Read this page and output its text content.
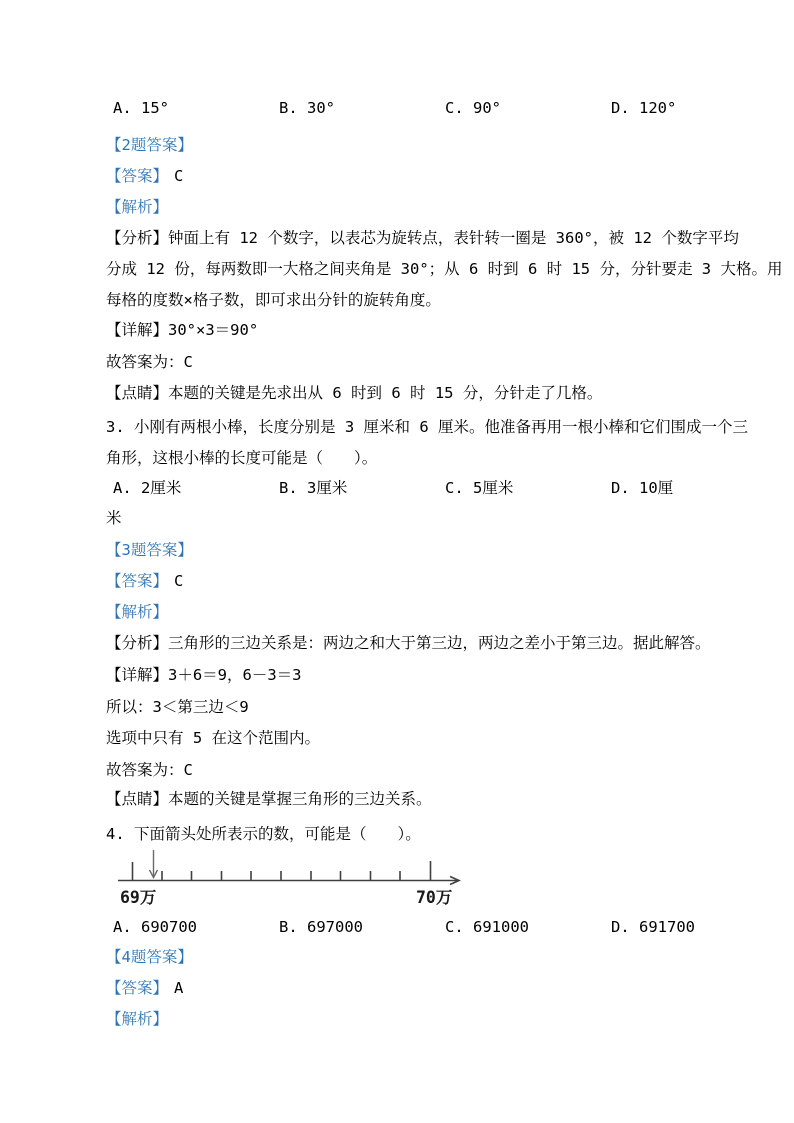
A. 15°	B. 30°	C. 90°	D. 120°
【2题答案】
【答案】 C
【解析】
【分析】钟面上有 12 个数字，以表芯为旋转点，表针转一圈是 360°，被 12 个数字平均
分成 12 份，每两数即一大格之间夹角是 30°；从 6 时到 6 时 15 分，分针要走 3 大格。用
每格的度数×格子数，即可求出分针的旋转角度。
【详解】30°×3＝90°
故答案为：C
【点睛】本题的关键是先求出从 6 时到 6 时 15 分，分针走了几格。
3. 小刚有两根小棒，长度分别是 3 厘米和 6 厘米。他准备再用一根小棒和它们围成一个三
角形，这根小棒的长度可能是（　　）。
A. 2厘米	B. 3厘米	C. 5厘米	D. 10厘
米
【3题答案】
【答案】 C
【解析】
【分析】三角形的三边关系是：两边之和大于第三边，两边之差小于第三边。据此解答。
【详解】3＋6＝9，6－3＝3
所以：3＜第三边＜9
选项中只有 5 在这个范围内。
故答案为：C
【点睛】本题的关键是掌握三角形的三边关系。
4. 下面箭头处所表示的数，可能是（　　）。
69万	70万
A. 690700	B. 697000	C. 691000	D. 691700
【4题答案】
【答案】 A
【解析】
